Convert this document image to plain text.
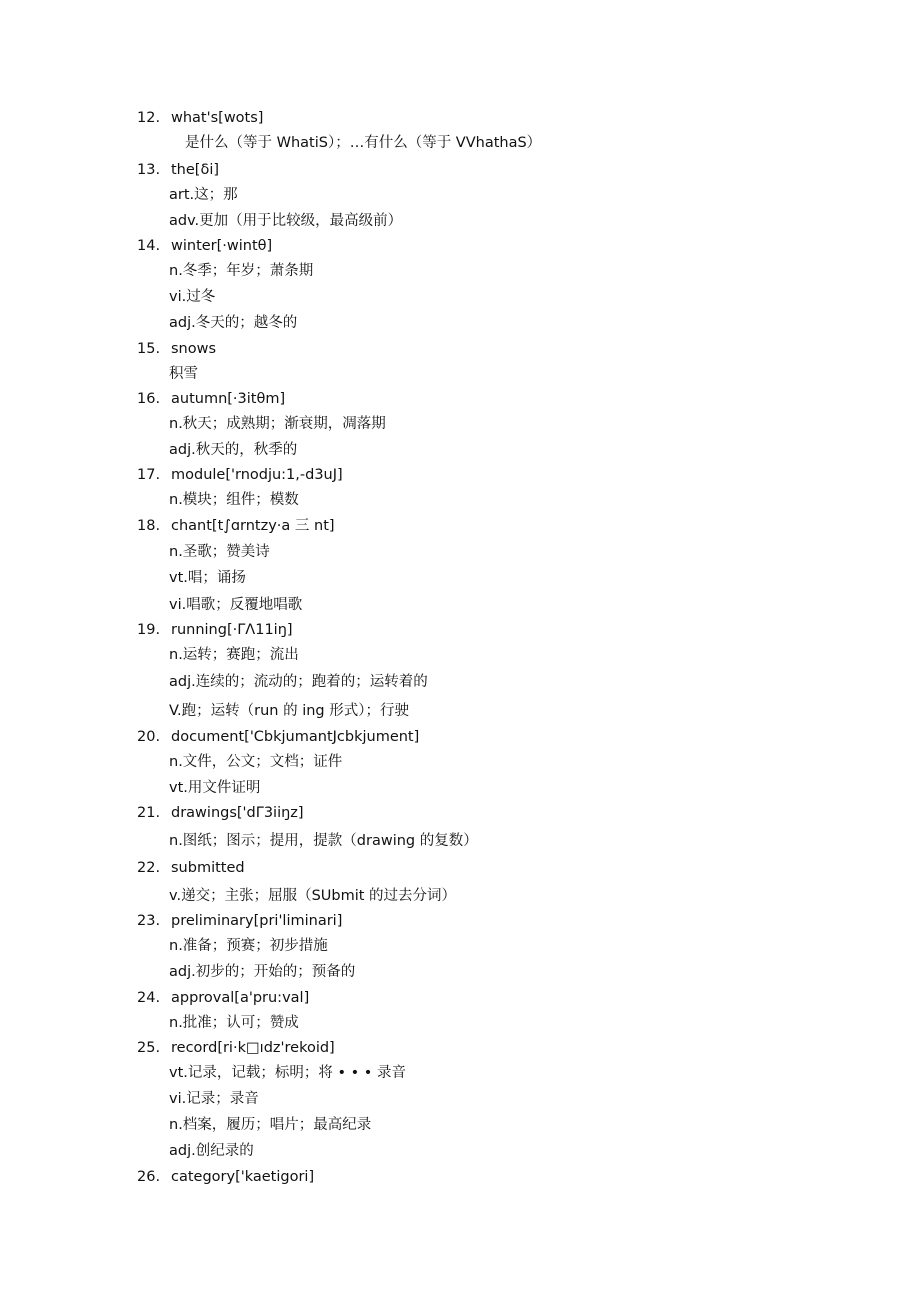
12. what's[wots]
是什么（等于 WhatiS）；…有什么（等于 VVhathaS）
13. the[δi]
art.这；那
adv.更加（用于比较级，最高级前）
14. winter[·wintθ]
n.冬季；年岁；萧条期
vi.过冬
adj.冬天的；越冬的
15. snows
积雪
16. autumn[·3itθm]
n.秋天；成熟期；渐衰期，凋落期
adj.秋天的，秋季的
17. module['rnodju:1,-d3uJ]
n.模块；组件；模数
18. chant[t∫ɑrntzy·a 三 nt]
n.圣歌；赞美诗
vt.唱；诵扬
vi.唱歌；反覆地唱歌
19. running[·ΓΛ11iŋ]
n.运转；赛跑；流出
adj.连续的；流动的；跑着的；运转着的
V.跑；运转（run 的 ing 形式）；行驶
20. document['CbkjumantJcbkjument]
n.文件，公文；文档；证件
vt.用文件证明
21. drawings['dΓ3iiŋz]
n.图纸；图示；提用，提款（drawing 的复数）
22. submitted
v.递交；主张；屈服（SUbmit 的过去分词）
23. preliminary[pri'liminari]
n.准备；预赛；初步措施
adj.初步的；开始的；预备的
24. approval[a'pru:val]
n.批准；认可；赞成
25. record[ri·k□ıdz'rekoid]
vt.记录，记载；标明；将 • • • 录音
vi.记录；录音
n.档案，履历；唱片；最高纪录
adj.创纪录的
26. category['kaetigori]
